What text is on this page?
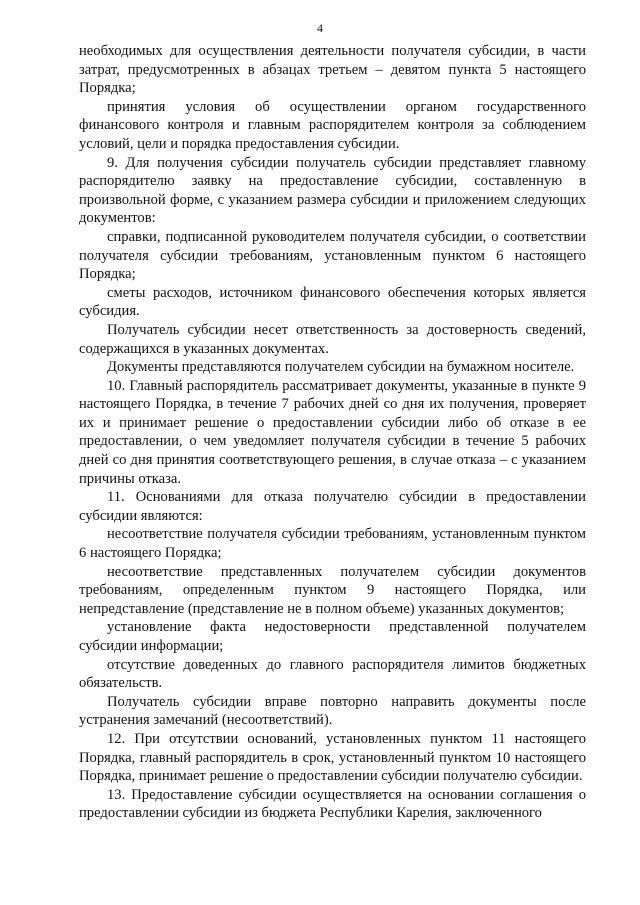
4

необходимых для осуществления деятельности получателя субсидии, в части затрат, предусмотренных в абзацах третьем – девятом пункта 5 настоящего Порядка;

принятия условия об осуществлении органом государственного финансового контроля и главным распорядителем контроля за соблюдением условий, цели и порядка предоставления субсидии.

9. Для получения субсидии получатель субсидии представляет главному распорядителю заявку на предоставление субсидии, составленную в произвольной форме, с указанием размера субсидии и приложением следующих документов:

справки, подписанной руководителем получателя субсидии, о соответствии получателя субсидии требованиям, установленным пунктом 6 настоящего Порядка;

сметы расходов, источником финансового обеспечения которых является субсидия.

Получатель субсидии несет ответственность за достоверность сведений, содержащихся в указанных документах.

Документы представляются получателем субсидии на бумажном носителе.

10. Главный распорядитель рассматривает документы, указанные в пункте 9 настоящего Порядка, в течение 7 рабочих дней со дня их получения, проверяет их и принимает решение о предоставлении субсидии либо об отказе в ее предоставлении, о чем уведомляет получателя субсидии в течение 5 рабочих дней со дня принятия соответствующего решения, в случае отказа – с указанием причины отказа.

11. Основаниями для отказа получателю субсидии в предоставлении субсидии являются:

несоответствие получателя субсидии требованиям, установленным пунктом 6 настоящего Порядка;

несоответствие представленных получателем субсидии документов требованиям, определенным пунктом 9 настоящего Порядка, или непредставление (представление не в полном объеме) указанных документов;

установление факта недостоверности представленной получателем субсидии информации;

отсутствие доведенных до главного распорядителя лимитов бюджетных обязательств.

Получатель субсидии вправе повторно направить документы после устранения замечаний (несоответствий).

12. При отсутствии оснований, установленных пунктом 11 настоящего Порядка, главный распорядитель в срок, установленный пунктом 10 настоящего Порядка, принимает решение о предоставлении субсидии получателю субсидии.

13. Предоставление субсидии осуществляется на основании соглашения о предоставлении субсидии из бюджета Республики Карелия, заключенного
